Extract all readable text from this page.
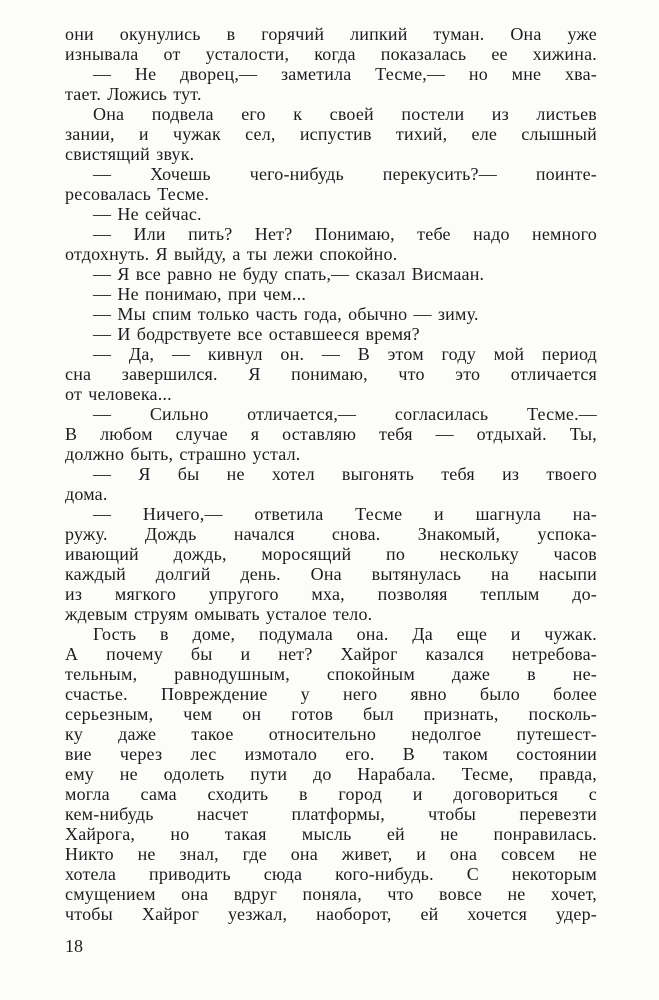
они окунулись в горячий липкий туман. Она уже
изнывала от усталости, когда показалась ее хижина.
— Не дворец,— заметила Тесме,— но мне хва-
тает. Ложись тут.
Она подвела его к своей постели из листьев
зании, и чужак сел, испустив тихий, еле слышный
свистящий звук.
— Хочешь чего-нибудь перекусить?— поинте-
ресовалась Тесме.
— Не сейчас.
— Или пить? Нет? Понимаю, тебе надо немного
отдохнуть. Я выйду, а ты лежи спокойно.
— Я все равно не буду спать,— сказал Висмаан.
— Не понимаю, при чем...
— Мы спим только часть года, обычно — зиму.
— И бодрствуете все оставшееся время?
— Да, — кивнул он. — В этом году мой период
сна завершился. Я понимаю, что это отличается
от человека...
— Сильно отличается,— согласилась Тесме.—
В любом случае я оставляю тебя — отдыхай. Ты,
должно быть, страшно устал.
— Я бы не хотел выгонять тебя из твоего
дома.
— Ничего,— ответила Тесме и шагнула на-
ружу. Дождь начался снова. Знакомый, успока-
ивающий дождь, моросящий по нескольку часов
каждый долгий день. Она вытянулась на насыпи
из мягкого упругого мха, позволяя теплым до-
ждевым струям омывать усталое тело.
Гость в доме, подумала она. Да еще и чужак.
А почему бы и нет? Хайрог казался нетребова-
тельным, равнодушным, спокойным даже в не-
счастье. Повреждение у него явно было более
серьезным, чем он готов был признать, посколь-
ку даже такое относительно недолгое путешест-
вие через лес измотало его. В таком состоянии
ему не одолеть пути до Нарабала. Тесме, правда,
могла сама сходить в город и договориться с
кем-нибудь насчет платформы, чтобы перевезти
Хайрога, но такая мысль ей не понравилась.
Никто не знал, где она живет, и она совсем не
хотела приводить сюда кого-нибудь. С некоторым
смущением она вдруг поняла, что вовсе не хочет,
чтобы Хайрог уезжал, наоборот, ей хочется удер-
18
